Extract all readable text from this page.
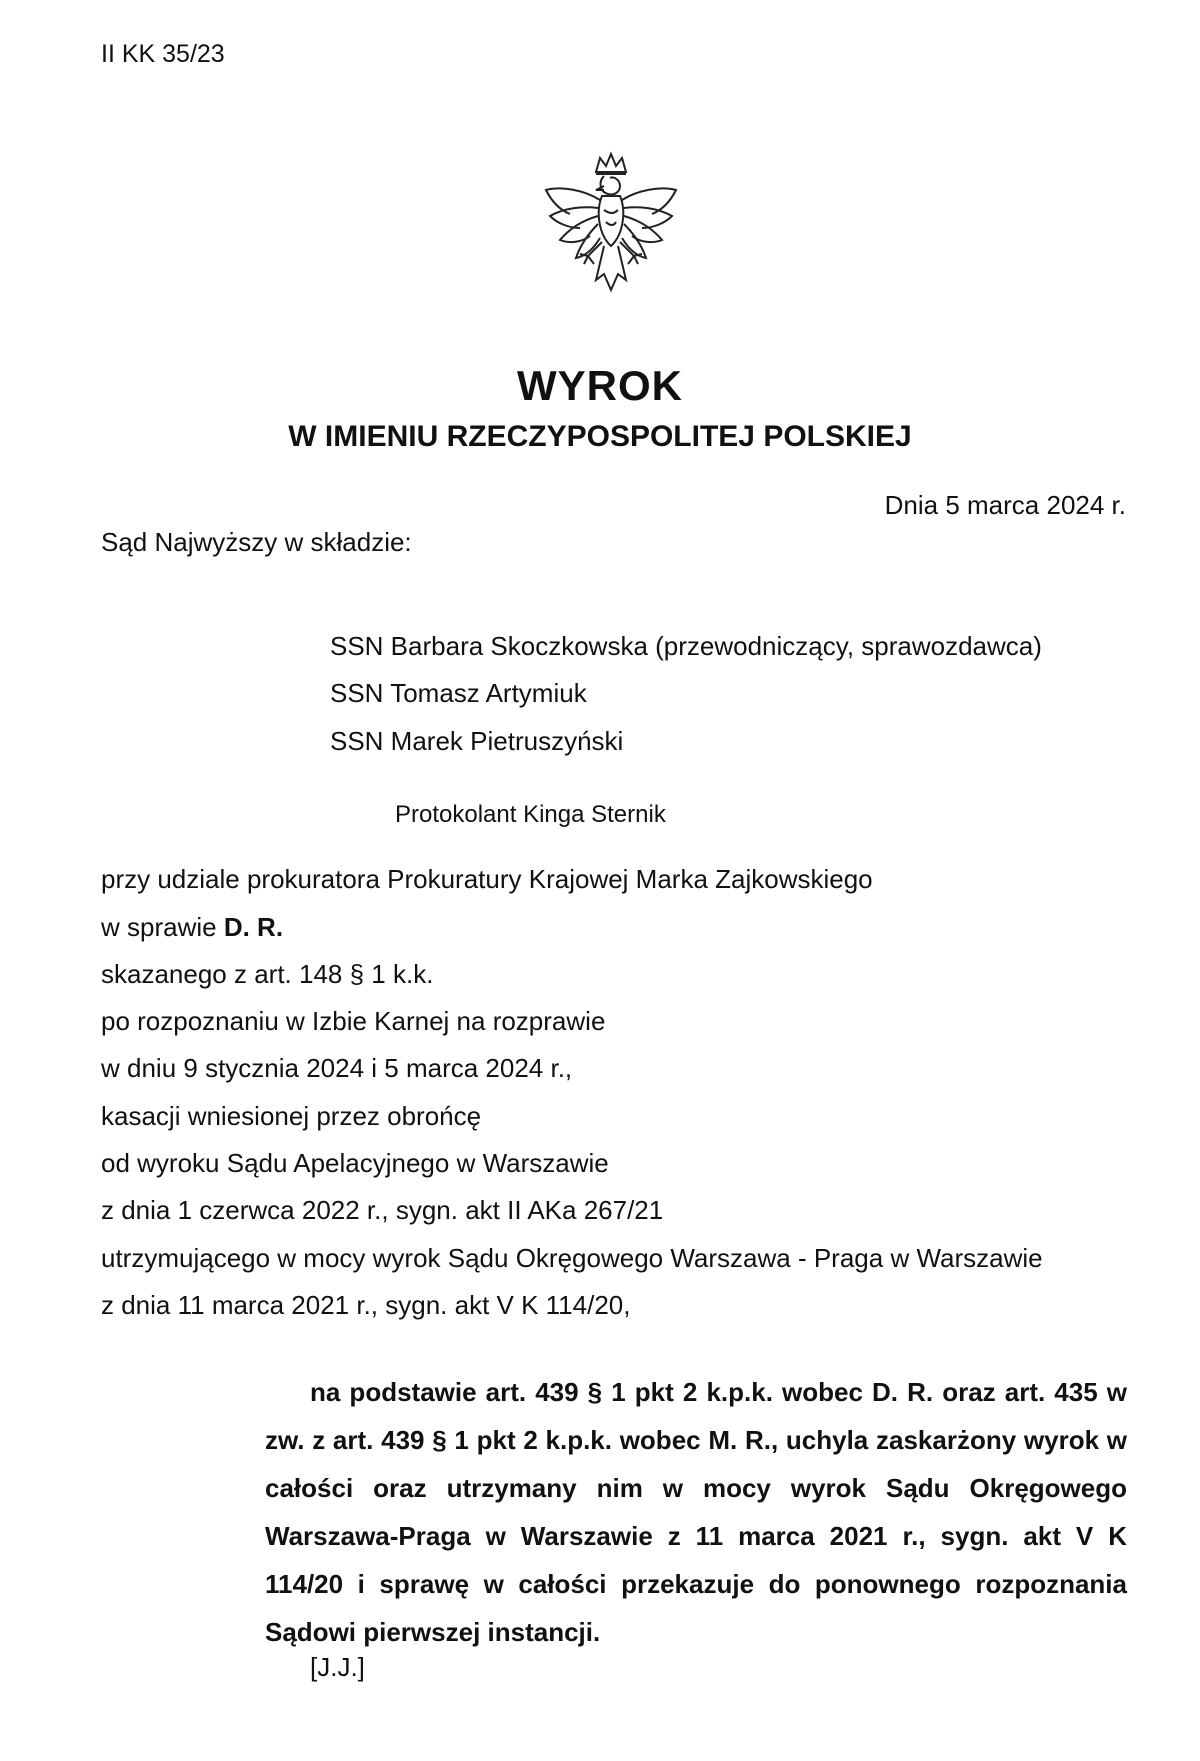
II KK 35/23
WYROK
W IMIENIU RZECZYPOSPOLITEJ POLSKIEJ
Dnia 5 marca 2024 r.
Sąd Najwyższy w składzie:
SSN Barbara Skoczkowska (przewodniczący, sprawozdawca)
SSN Tomasz Artymiuk
SSN Marek Pietruszyński
Protokolant Kinga Sternik
przy udziale prokuratora Prokuratury Krajowej Marka Zajkowskiego
w sprawie D. R.
skazanego z art. 148 § 1 k.k.
po rozpoznaniu w Izbie Karnej na rozprawie
w dniu 9 stycznia 2024 i 5 marca 2024 r.,
kasacji wniesionej przez obrońcę
od wyroku Sądu Apelacyjnego w Warszawie
z dnia 1 czerwca 2022 r., sygn. akt II AKa 267/21
utrzymującego w mocy wyrok Sądu Okręgowego Warszawa - Praga w Warszawie
z dnia 11 marca 2021 r., sygn. akt V K 114/20,
na podstawie art. 439 § 1 pkt 2 k.p.k. wobec D. R. oraz art. 435 w zw. z art. 439 § 1 pkt 2 k.p.k. wobec M. R., uchyla zaskarżony wyrok w całości oraz utrzymany nim w mocy wyrok Sądu Okręgowego Warszawa-Praga w Warszawie z 11 marca 2021 r., sygn. akt V K 114/20 i sprawę w całości przekazuje do ponownego rozpoznania Sądowi pierwszej instancji.
[J.J.]
